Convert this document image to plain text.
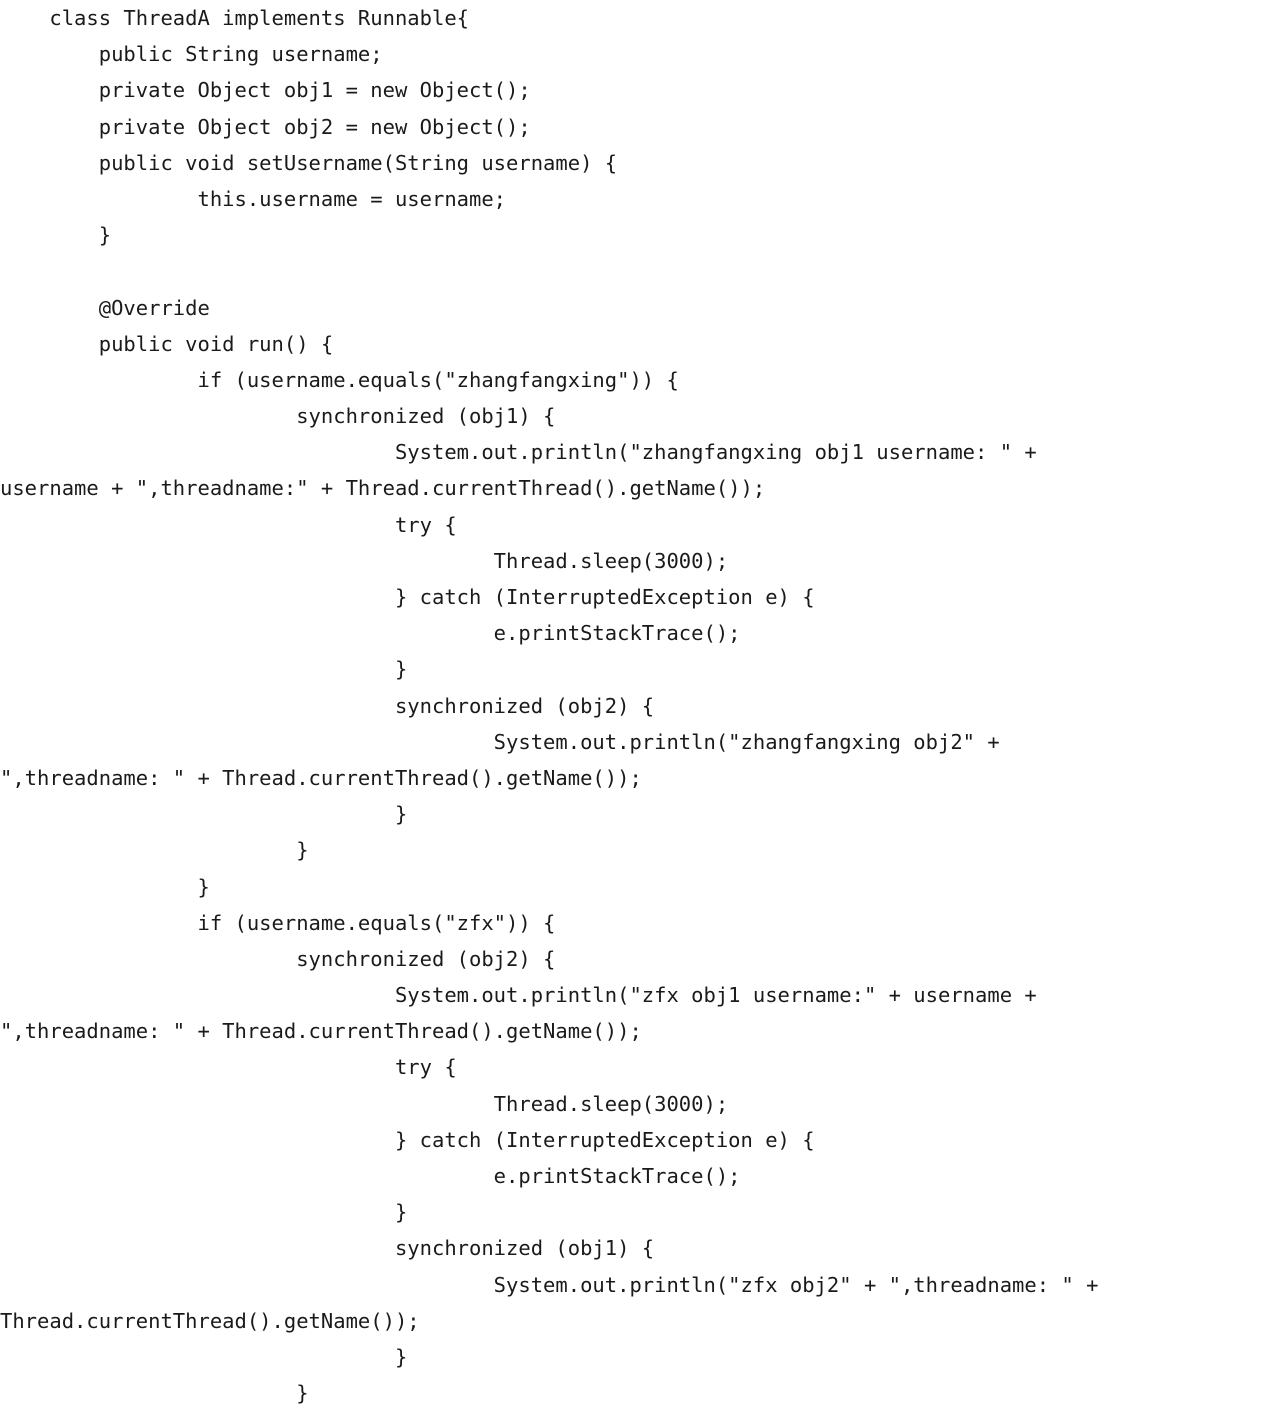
class ThreadA implements Runnable{
public String username;
private Object obj1 = new Object();
private Object obj2 = new Object();
public void setUsername(String username) {
this.username = username;
}

@Override
public void run() {
if (username.equals("zhangfangxing")) {
synchronized (obj1) {
System.out.println("zhangfangxing obj1 username: " +
username + ",threadname:" + Thread.currentThread().getName());
try {
Thread.sleep(3000);
} catch (InterruptedException e) {
e.printStackTrace();
}
synchronized (obj2) {
System.out.println("zhangfangxing obj2" +
",threadname: " + Thread.currentThread().getName());
}
}
}
if (username.equals("zfx")) {
synchronized (obj2) {
System.out.println("zfx obj1 username:" + username +
",threadname: " + Thread.currentThread().getName());
try {
Thread.sleep(3000);
} catch (InterruptedException e) {
e.printStackTrace();
}
synchronized (obj1) {
System.out.println("zfx obj2" + ",threadname: " +
Thread.currentThread().getName());
}
}
